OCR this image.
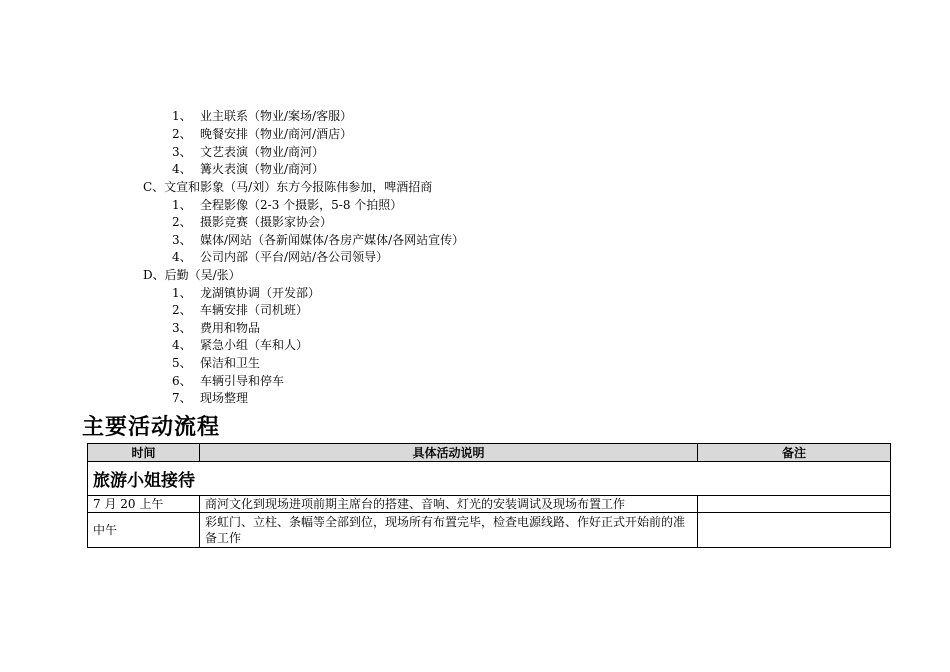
1、 业主联系（物业/案场/客服）
2、 晚餐安排（物业/商河/酒店）
3、 文艺表演（物业/商河）
4、 篝火表演（物业/商河）
C、文宣和影象（马/刘）东方今报陈伟参加，啤酒招商
1、 全程影像（2-3 个摄影，5-8 个拍照）
2、 摄影竞赛（摄影家协会）
3、 媒体/网站（各新闻媒体/各房产媒体/各网站宣传）
4、 公司内部（平台/网站/各公司领导）
D、后勤（吴/张）
1、 龙湖镇协调（开发部）
2、 车辆安排（司机班）
3、 费用和物品
4、 紧急小组（车和人）
5、 保洁和卫生
6、 车辆引导和停车
7、 现场整理
主要活动流程
时间	具体活动说明	备注
旅游小姐接待		
7 月 20 上午	商河文化到现场进项前期主席台的搭建、音响、灯光的安装调试及现场布置工作	
中午	彩虹门、立柱、条幅等全部到位，现场所有布置完毕，检查电源线路、作好正式开始前的准备工作	
